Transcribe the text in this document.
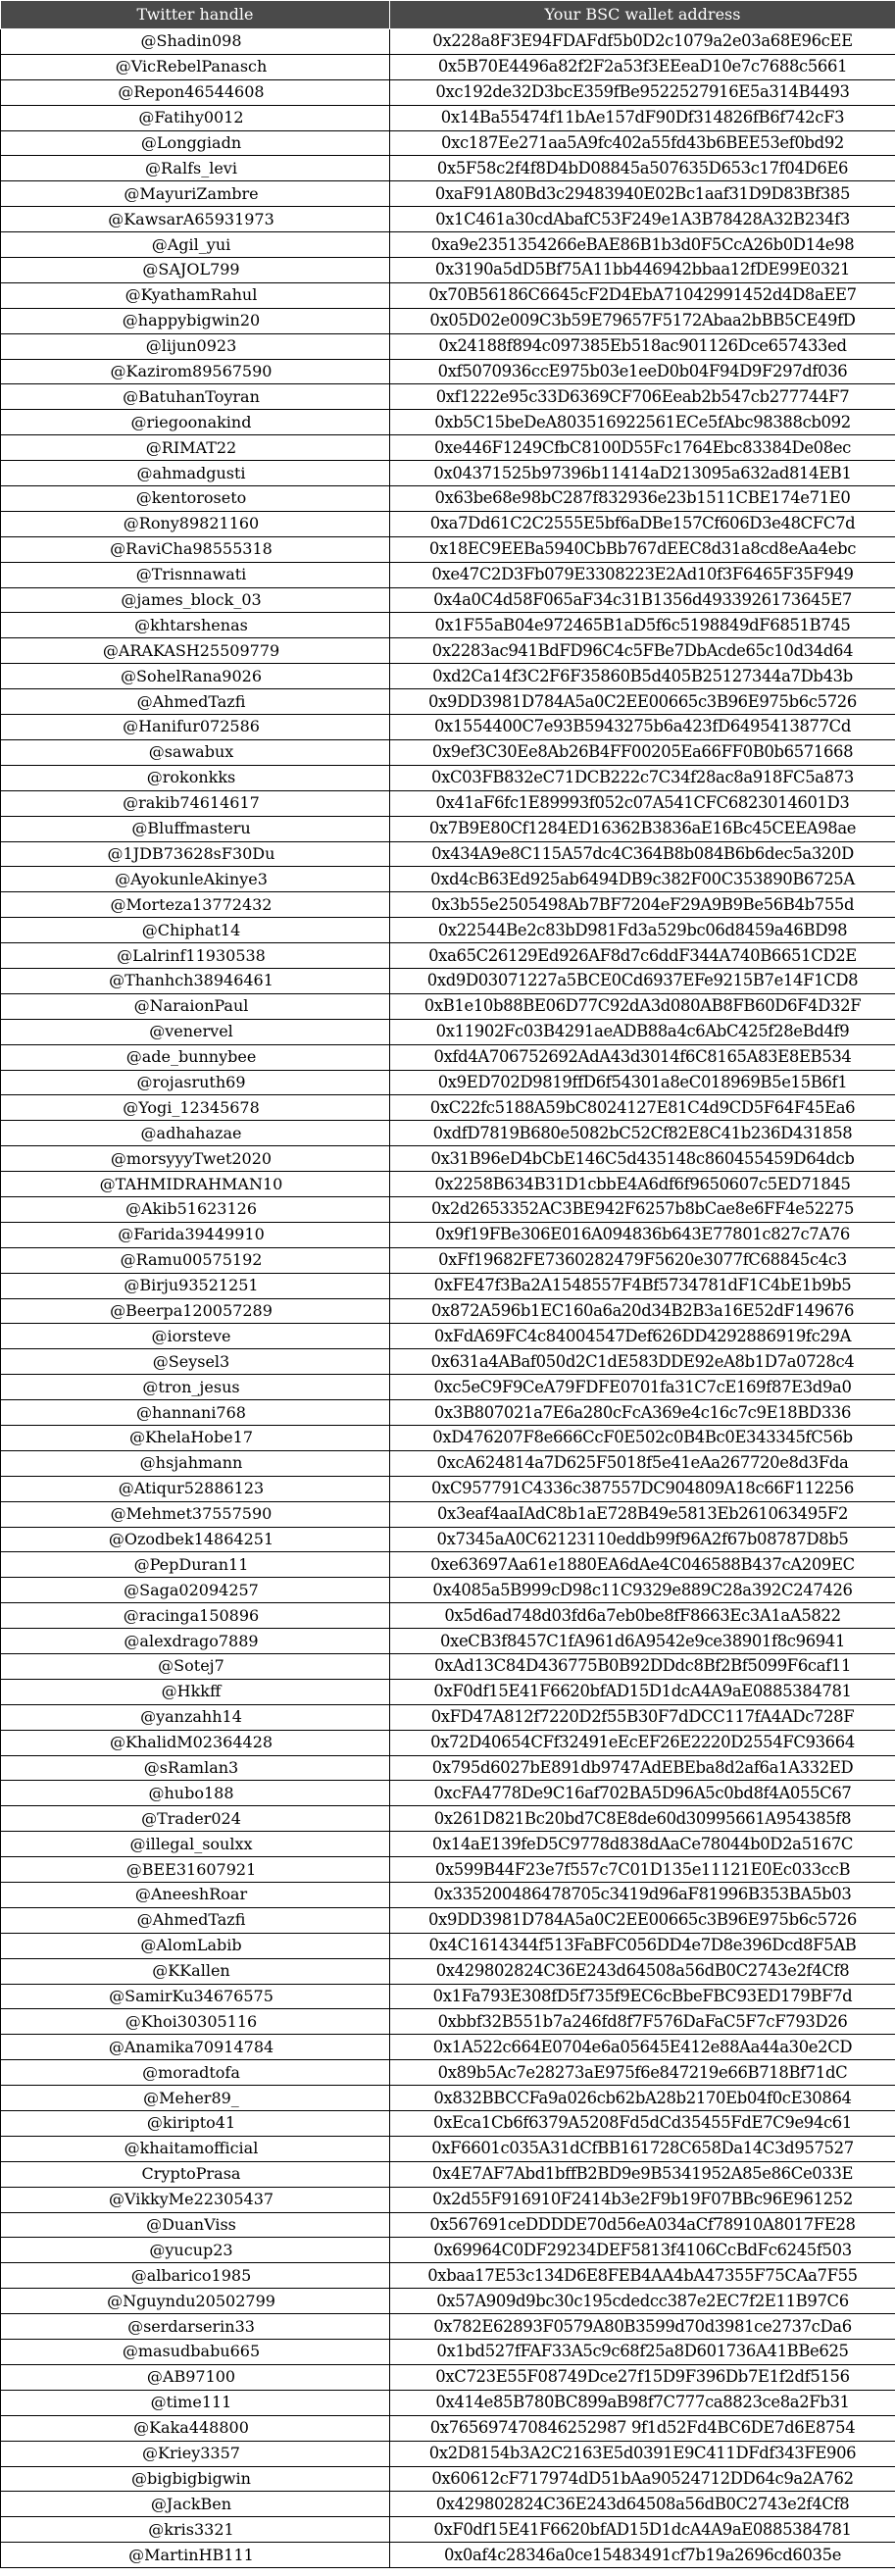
Twitter handle	Your BSC wallet address
@Shadin098	0x228a8F3E94FDAFdf5b0D2c1079a2e03a68E96cEE
@VicRebelPanasch	0x5B70E4496a82f2F2a53f3EEeaD10e7c7688c5661
@Repon46544608	0xc192de32D3bcE359fBe9522527916E5a314B4493
@Fatihy0012	0x14Ba55474f11bAe157dF90Df314826fB6f742cF3
@Longgiadn	0xc187Ee271aa5A9fc402a55fd43b6BEE53ef0bd92
@Ralfs_levi	0x5F58c2f4f8D4bD08845a507635D653c17f04D6E6
@MayuriZambre	0xaF91A80Bd3c29483940E02Bc1aaf31D9D83Bf385
@KawsarA65931973	0x1C461a30cdAbafC53F249e1A3B78428A32B234f3
@Agil_yui	0xa9e2351354266eBAE86B1b3d0F5CcA26b0D14e98
@SAJOL799	0x3190a5dD5Bf75A11bb446942bbaa12fDE99E0321
@KyathamRahul	0x70B56186C6645cF2D4EbA71042991452d4D8aEE7
@happybigwin20	0x05D02e009C3b59E79657F5172Abaa2bBB5CE49fD
@lijun0923	0x24188f894c097385Eb518ac901126Dce657433ed
@Kazirom89567590	0xf5070936ccE975b03e1eeD0b04F94D9F297df036
@BatuhanToyran	0xf1222e95c33D6369CF706Eeab2b547cb277744F7
@riegoonakind	0xb5C15beDeA803516922561ECe5fAbc98388cb092
@RIMAT22	0xe446F1249CfbC8100D55Fc1764Ebc83384De08ec
@ahmadgusti	0x04371525b97396b11414aD213095a632ad814EB1
@kentoroseto	0x63be68e98bC287f832936e23b1511CBE174e71E0
@Rony89821160	0xa7Dd61C2C2555E5bf6aDBe157Cf606D3e48CFC7d
@RaviCha98555318	0x18EC9EEBa5940CbBb767dEEC8d31a8cd8eAa4ebc
@Trisnnawati	0xe47C2D3Fb079E3308223E2Ad10f3F6465F35F949
@james_block_03	0x4a0C4d58F065aF34c31B1356d4933926173645E7
@khtarshenas	0x1F55aB04e972465B1aD5f6c5198849dF6851B745
@ARAKASH25509779	0x2283ac941BdFD96C4c5FBe7DbAcde65c10d34d64
@SohelRana9026	0xd2Ca14f3C2F6F35860B5d405B25127344a7Db43b
@AhmedTazfi	0x9DD3981D784A5a0C2EE00665c3B96E975b6c5726
@Hanifur072586	0x1554400C7e93B5943275b6a423fD6495413877Cd
@sawabux	0x9ef3C30Ee8Ab26B4FF00205Ea66FF0B0b6571668
@rokonkks	0xC03FB832eC71DCB222c7C34f28ac8a918FC5a873
@rakib74614617	0x41aF6fc1E89993f052c07A541CFC6823014601D3
@Bluffmasteru	0x7B9E80Cf1284ED16362B3836aE16Bc45CEEA98ae
@1JDB73628sF30Du	0x434A9e8C115A57dc4C364B8b084B6b6dec5a320D
@AyokunleAkinye3	0xd4cB63Ed925ab6494DB9c382F00C353890B6725A
@Morteza13772432	0x3b55e2505498Ab7BF7204eF29A9B9Be56B4b755d
@Chiphat14	0x22544Be2c83bD981Fd3a529bc06d8459a46BD98
@Lalrinf11930538	0xa65C26129Ed926AF8d7c6ddF344A740B6651CD2E
@Thanhch38946461	0xd9D03071227a5BCE0Cd6937EFe9215B7e14F1CD8
@NaraionPaul	0xB1e10b88BE06D77C92dA3d080AB8FB60D6F4D32F
@venervel	0x11902Fc03B4291aeADB88a4c6AbC425f28eBd4f9
@ade_bunnybee	0xfd4A706752692AdA43d3014f6C8165A83E8EB534
@rojasruth69	0x9ED702D9819ffD6f54301a8eC018969B5e15B6f1
@Yogi_12345678	0xC22fc5188A59bC8024127E81C4d9CD5F64F45Ea6
@adhahazae	0xdfD7819B680e5082bC52Cf82E8C41b236D431858
@morsyyyTwet2020	0x31B96eD4bCbE146C5d435148c860455459D64dcb
@TAHMIDRAHMAN10	0x2258B634B31D1cbbE4A6df6f9650607c5ED71845
@Akib51623126	0x2d2653352AC3BE942F6257b8bCae8e6FF4e52275
@Farida39449910	0x9f19FBe306E016A094836b643E77801c827c7A76
@Ramu00575192	0xFf19682FE7360282479F5620e3077fC68845c4c3
@Birju93521251	0xFE47f3Ba2A1548557F4Bf5734781dF1C4bE1b9b5
@Beerpa120057289	0x872A596b1EC160a6a20d34B2B3a16E52dF149676
@iorsteve	0xFdA69FC4c84004547Def626DD4292886919fc29A
@Seysel3	0x631a4ABaf050d2C1dE583DDE92eA8b1D7a0728c4
@tron_jesus	0xc5eC9F9CeA79FDFE0701fa31C7cE169f87E3d9a0
@hannani768	0x3B807021a7E6a280cFcA369e4c16c7c9E18BD336
@KhelaHobe17	0xD476207F8e666CcF0E502c0B4Bc0E343345fC56b
@hsjahmann	0xcA624814a7D625F5018f5e41eAa267720e8d3Fda
@Atiqur52886123	0xC957791C4336c387557DC904809A18c66F112256
@Mehmet37557590	0x3eaf4aaIAdC8b1aE728B49e5813Eb261063495F2
@Ozodbek14864251	0x7345aA0C62123110eddb99f96A2f67b08787D8b5
@PepDuran11	0xe63697Aa61e1880EA6dAe4C046588B437cA209EC
@Saga02094257	0x4085a5B999cD98c11C9329e889C28a392C247426
@racinga150896	0x5d6ad748d03fd6a7eb0be8fF8663Ec3A1aA5822
@alexdrago7889	0xeCB3f8457C1fA961d6A9542e9ce38901f8c96941
@Sotej7	0xAd13C84D436775B0B92DDdc8Bf2Bf5099F6caf11
@Hkkff	0xF0df15E41F6620bfAD15D1dcA4A9aE0885384781
@yanzahh14	0xFD47A812f7220D2f55B30F7dDCC117fA4ADc728F
@KhalidM02364428	0x72D40654CFf32491eEcEF26E2220D2554FC93664
@sRamlan3	0x795d6027bE891db9747AdEBEba8d2af6a1A332ED
@hubo188	0xcFA4778De9C16af702BA5D96A5c0bd8f4A055C67
@Trader024	0x261D821Bc20bd7C8E8de60d30995661A954385f8
@illegal_soulxx	0x14aE139feD5C9778d838dAaCe78044b0D2a5167C
@BEE31607921	0x599B44F23e7f557c7C01D135e11121E0Ec033ccB
@AneeshRoar	0x335200486478705c3419d96aF81996B353BA5b03
@AhmedTazfi	0x9DD3981D784A5a0C2EE00665c3B96E975b6c5726
@AlomLabib	0x4C1614344f513FaBFC056DD4e7D8e396Dcd8F5AB
@KKallen	0x429802824C36E243d64508a56dB0C2743e2f4Cf8
@SamirKu34676575	0x1Fa793E308fD5f735f9EC6cBbeFBC93ED179BF7d
@Khoi30305116	0xbbf32B551b7a246fd8f7F576DaFaC5F7cF793D26
@Anamika70914784	0x1A522c664E0704e6a05645E412e88Aa44a30e2CD
@moradtofa	0x89b5Ac7e28273aE975f6e847219e66B718Bf71dC
@Meher89_	0x832BBCCFa9a026cb62bA28b2170Eb04f0cE30864
@kiripto41	0xEca1Cb6f6379A5208Fd5dCd35455FdE7C9e94c61
@khaitamofficial	0xF6601c035A31dCfBB161728C658Da14C3d957527
CryptoPrasa	0x4E7AF7Abd1bffB2BD9e9B5341952A85e86Ce033E
@VikkyMe22305437	0x2d55F916910F2414b3e2F9b19F07BBc96E961252
@DuanViss	0x567691ceDDDDE70d56eA034aCf78910A8017FE28
@yucup23	0x69964C0DF29234DEF5813f4106CcBdFc6245f503
@albarico1985	0xbaa17E53c134D6E8FEB4AA4bA47355F75CAa7F55
@Nguyndu20502799	0x57A909d9bc30c195cdedcc387e2EC7f2E11B97C6
@serdarserin33	0x782E62893F0579A80B3599d70d3981ce2737cDa6
@masudbabu665	0x1bd527fFAF33A5c9c68f25a8D601736A41BBe625
@AB97100	0xC723E55F08749Dce27f15D9F396Db7E1f2df5156
@time111	0x414e85B780BC899aB98f7C777ca8823ce8a2Fb31
@Kaka448800	0x765697470846252987 9f1d52Fd4BC6DE7d6E8754
@Kriey3357	0x2D8154b3A2C2163E5d0391E9C411DFdf343FE906
@bigbigbigwin	0x60612cF717974dD51bAa90524712DD64c9a2A762
@JackBen	0x429802824C36E243d64508a56dB0C2743e2f4Cf8
@kris3321	0xF0df15E41F6620bfAD15D1dcA4A9aE0885384781
@MartinHB111	0x0af4c28346a0ce15483491cf7b19a2696cd6035e
